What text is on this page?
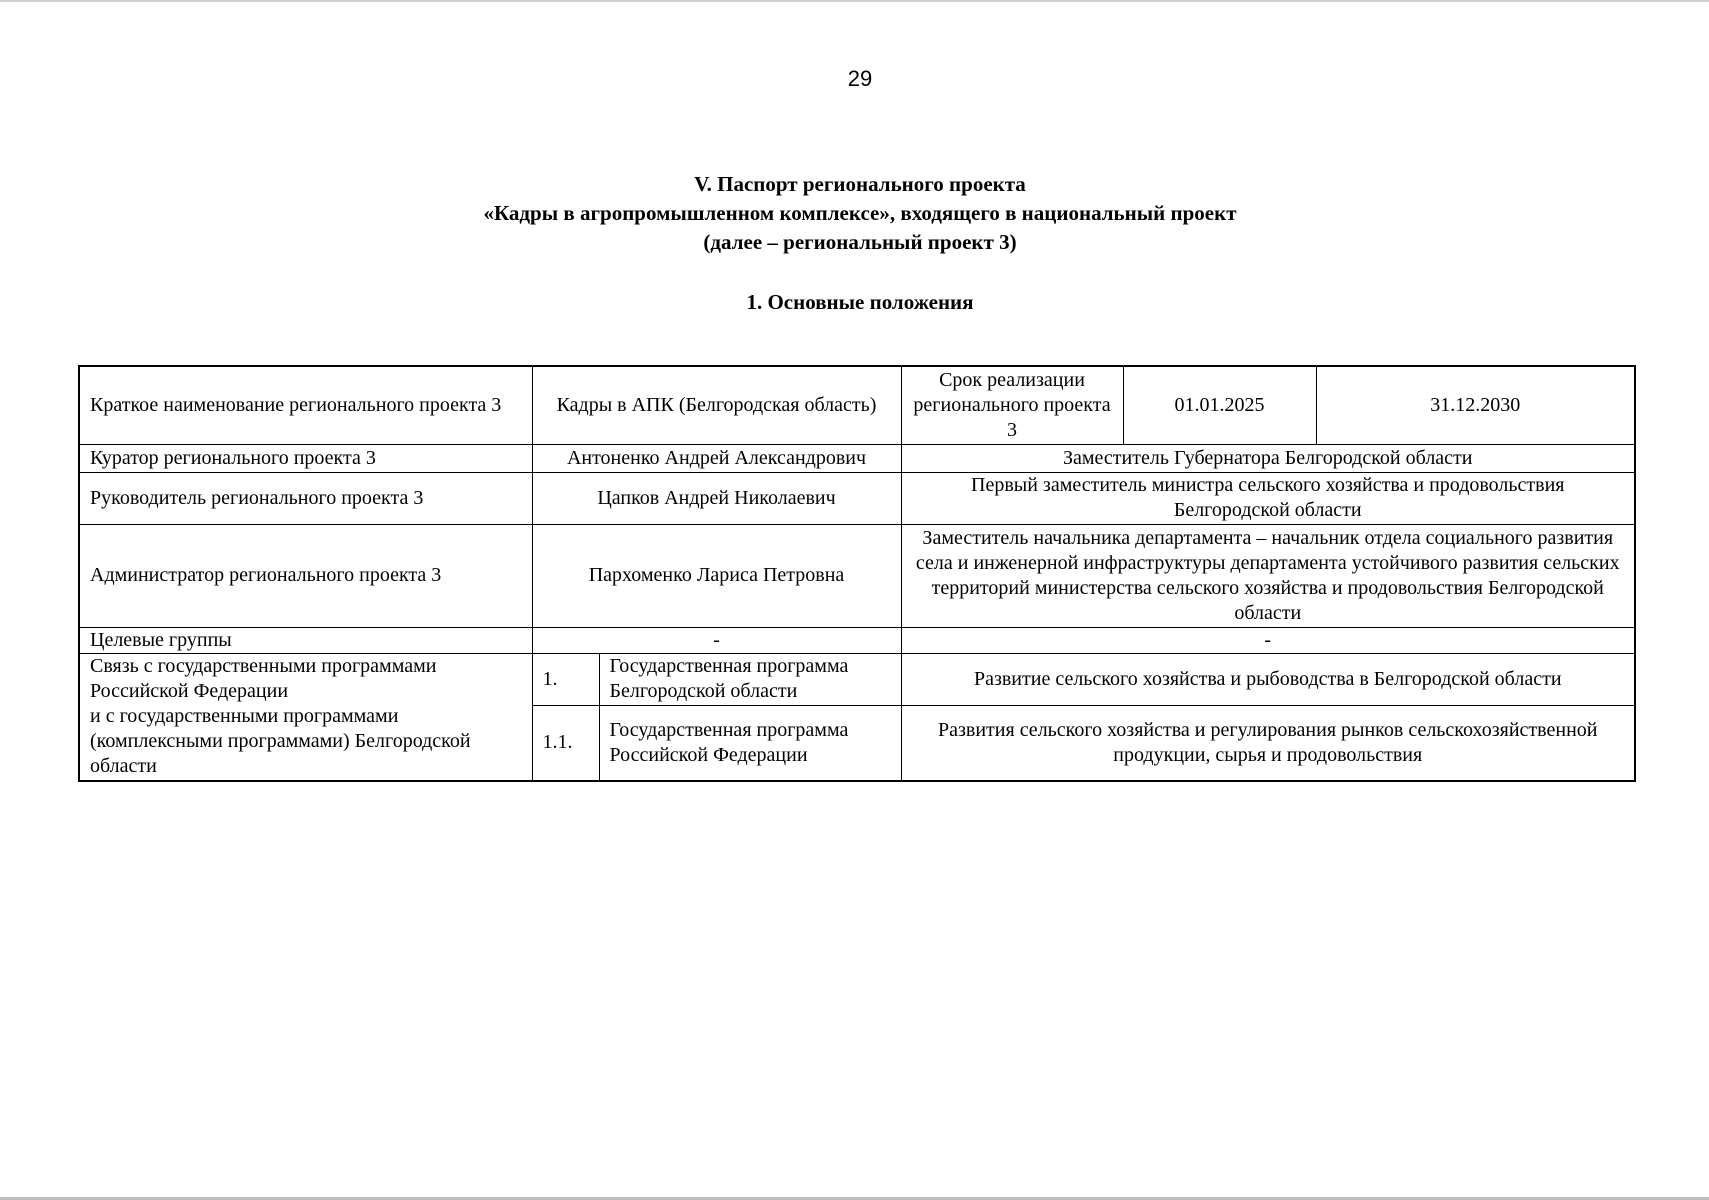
29
V. Паспорт регионального проекта
«Кадры в агропромышленном комплексе», входящего в национальный проект
(далее – региональный проект 3)
1. Основные положения
Краткое наименование регионального проекта 3	Кадры в АПК (Белгородская область)		Срок реализации регионального проекта 3	01.01.2025	31.12.2030
Куратор регионального проекта 3	Антоненко Андрей Александрович		Заместитель Губернатора Белгородской области		
Руководитель регионального проекта 3	Цапков Андрей Николаевич		Первый заместитель министра сельского хозяйства и продовольствия Белгородской области		
Администратор регионального проекта 3	Пархоменко Лариса Петровна		Заместитель начальника департамента – начальник отдела социального развития села и инженерной инфраструктуры департамента устойчивого развития сельских территорий министерства сельского хозяйства и продовольствия Белгородской области		
Целевые группы	-		-		

Связь с государственными программами Российской Федерации
и с государственными программами (комплексными программами) Белгородской области	1.	Государственная программа Белгородской области	Развитие сельского хозяйства и рыбоводства в Белгородской области		
	1.1.	Государственная программа Российской Федерации	Развития сельского хозяйства и регулирования рынков сельскохозяйственной продукции, сырья и продовольствия		
